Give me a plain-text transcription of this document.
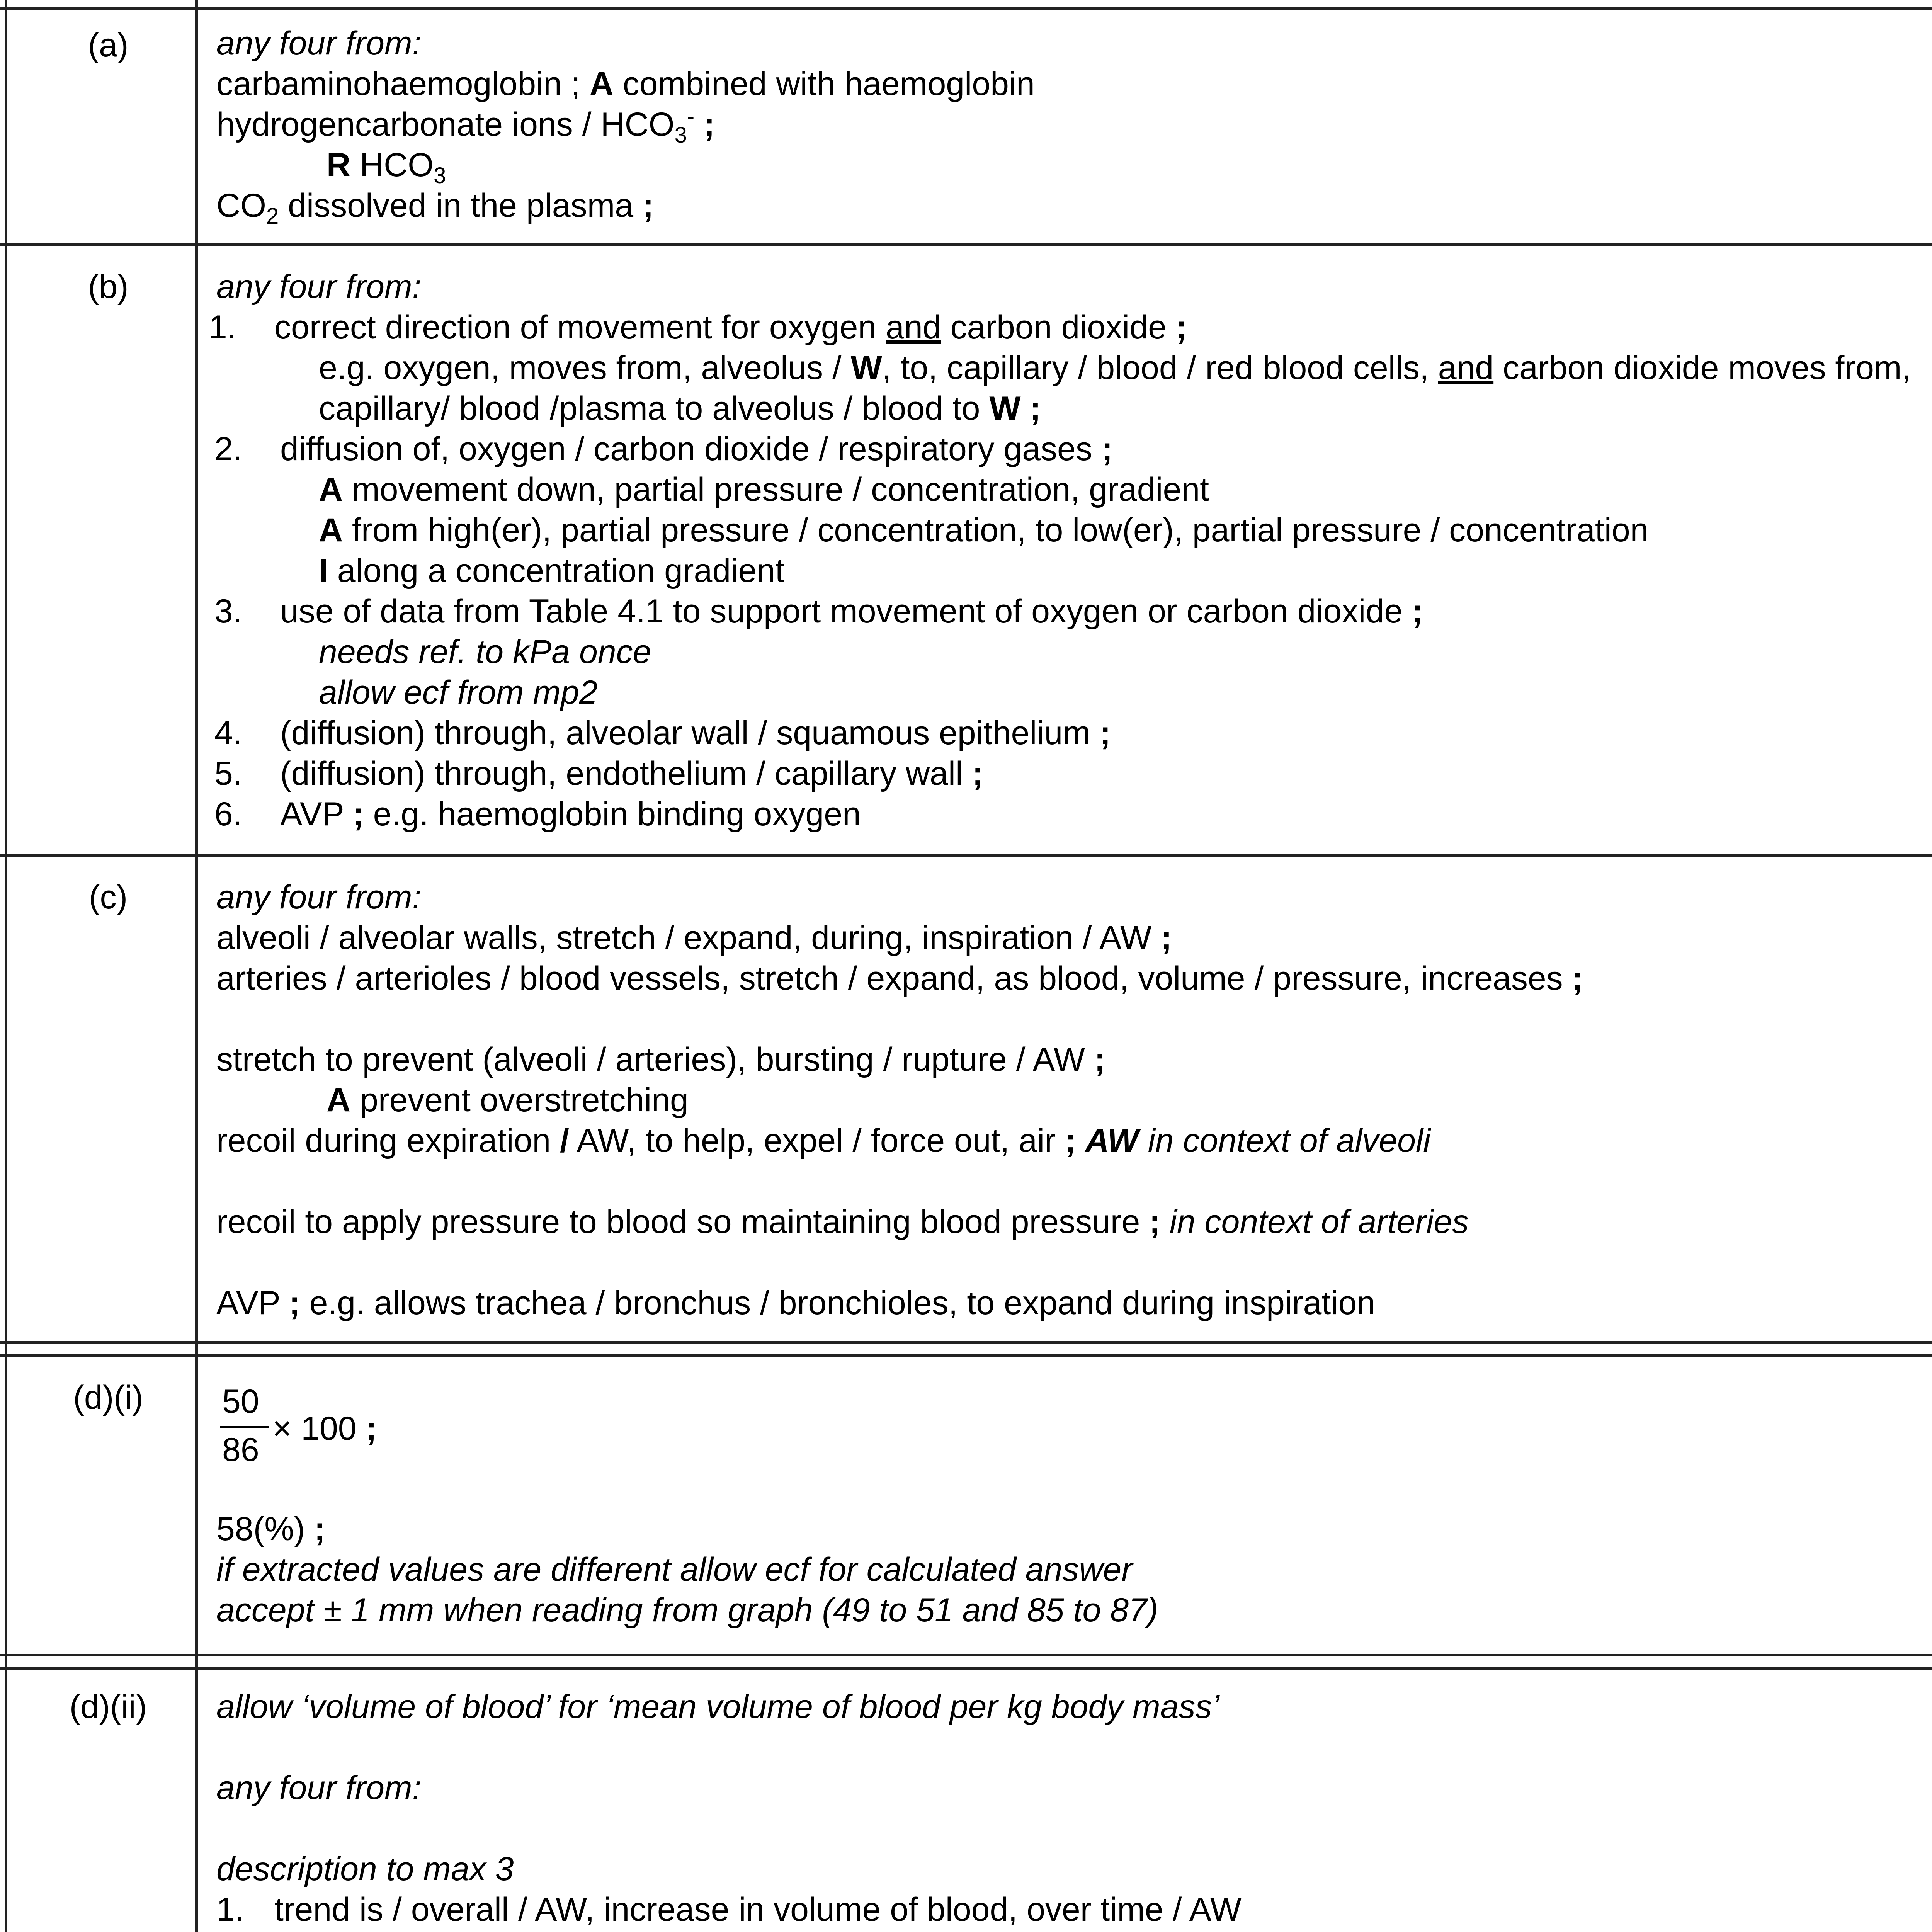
(a)	any four from:
carbaminohaemoglobin ; A combined with haemoglobin
hydrogencarbonate ions / $HCO_3^-$ ;
R $HCO_3$
$CO_2$ dissolved in the plasma ;
(b)	any four from:
1. correct direction of movement for oxygen and carbon dioxide ;
e.g. oxygen, moves from, alveolus / W, to, capillary / blood / red blood cells, and carbon dioxide moves from,
capillary/ blood /plasma to alveolus / blood to W ;
2. diffusion of, oxygen / carbon dioxide / respiratory gases ;
A movement down, partial pressure / concentration, gradient
A from high(er), partial pressure / concentration, to low(er), partial pressure / concentration
I along a concentration gradient
3. use of data from Table 4.1 to support movement of oxygen or carbon dioxide ;
needs ref. to kPa once
allow ecf from mp2
4. (diffusion) through, alveolar wall / squamous epithelium ;
5. (diffusion) through, endothelium / capillary wall ;
6. AVP ; e.g. haemoglobin binding oxygen
(c)	any four from:
alveoli / alveolar walls, stretch / expand, during, inspiration / AW ;
arteries / arterioles / blood vessels, stretch / expand, as blood, volume / pressure, increases ;

stretch to prevent (alveoli / arteries), bursting / rupture / AW ;
A prevent overstretching
recoil during expiration / AW, to help, expel / force out, air ; AW in context of alveoli

recoil to apply pressure to blood so maintaining blood pressure ; in context of arteries

AVP ; e.g. allows trachea / bronchus / bronchioles, to expand during inspiration
(d)(i)	50
86
× 100 ;
58(%) ;
if extracted values are different allow ecf for calculated answer
accept ± 1 mm when reading from graph (49 to 51 and 85 to 87)
(d)(ii)	allow ‘volume of blood’ for ‘mean volume of blood per kg body mass’

any four from:

description to max 3
1. trend is / overall / AW, increase in volume of blood, over time / AW
